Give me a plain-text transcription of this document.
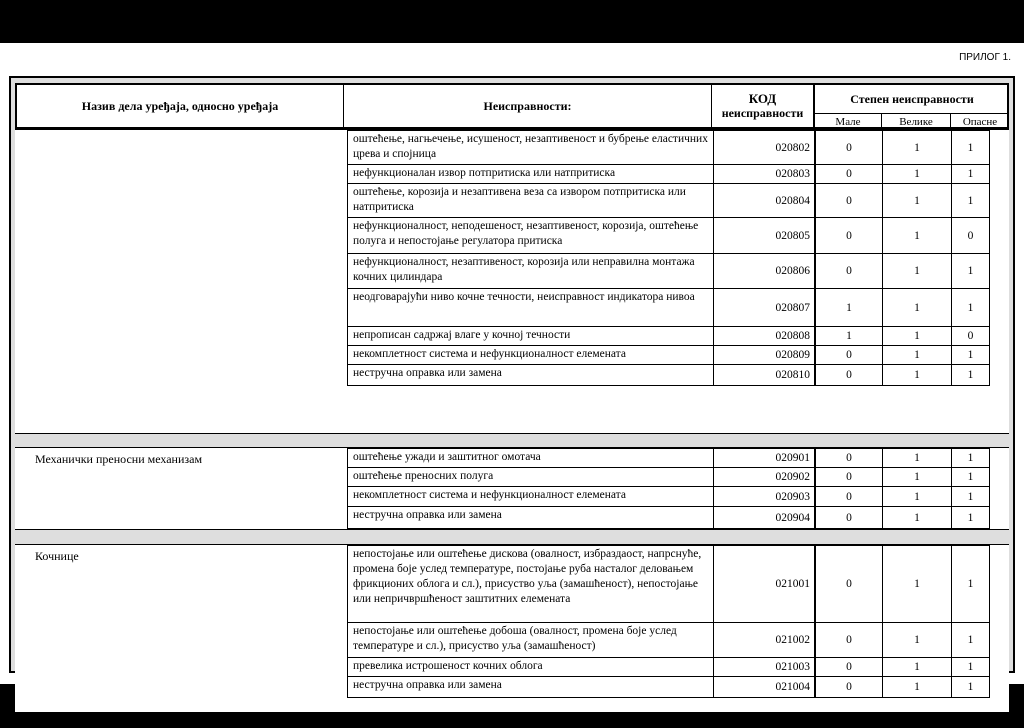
ПРИЛОГ 1.
Назив дела уређаја, односно уређаја	Неисправности:	КОД
неисправности
Степен неисправности
Мале	Велике	Опасне
оштећење, нагњечење, исушеност, незаптивеност и бубрење еластичних црева и спојница
020802	0	1	1
нефункционалан извор потпритиска или натпритиска	020803	0	1	1
оштећење, корозија и незаптивена веза са извором потпритиска или натпритиска
020804	0	1	1
нефункционалност, неподешеност, незаптивеност, корозија, оштећење полуга и непостојање регулатора притиска	020805	0	1	0
нефункционалност, незаптивеност, корозија или неправилна монтажа кочних цилиндара	020806	0	1	1
неодговарајући ниво кочне течности, неисправност индикатора нивоа
020807	1	1	1
непрописан садржај влаге у кочној течности	020808	1	1	0
некомплетност система и нефункционалност елемената	020809	0	1	1
нестручна оправка или замена	020810	0	1	1
Механички преносни механизам	оштећење ужади и заштитног омотача	020901	0	1	1
оштећење преносних полуга	020902	0	1	1
некомплетност система и нефункционалност елемената	020903	0	1	1
нестручна оправка или замена	020904	0	1	1
Кочнице	непостојање или оштећење дискова (овалност, избраздаост, напрснуће, промена боје услед температуре, постојање руба насталог деловањем фрикционих облога и сл.), присуство уља (замашћеност), непостојање или непричвршћеност заштитних елемената
021001	0	1	1
непостојање или оштећење добоша (овалност, промена боје услед температуре и сл.), присуство уља (замашћеност)	021002	0	1	1
превелика истрошеност кочних облога	021003	0	1	1
нестручна оправка или замена	021004	0	1	1
